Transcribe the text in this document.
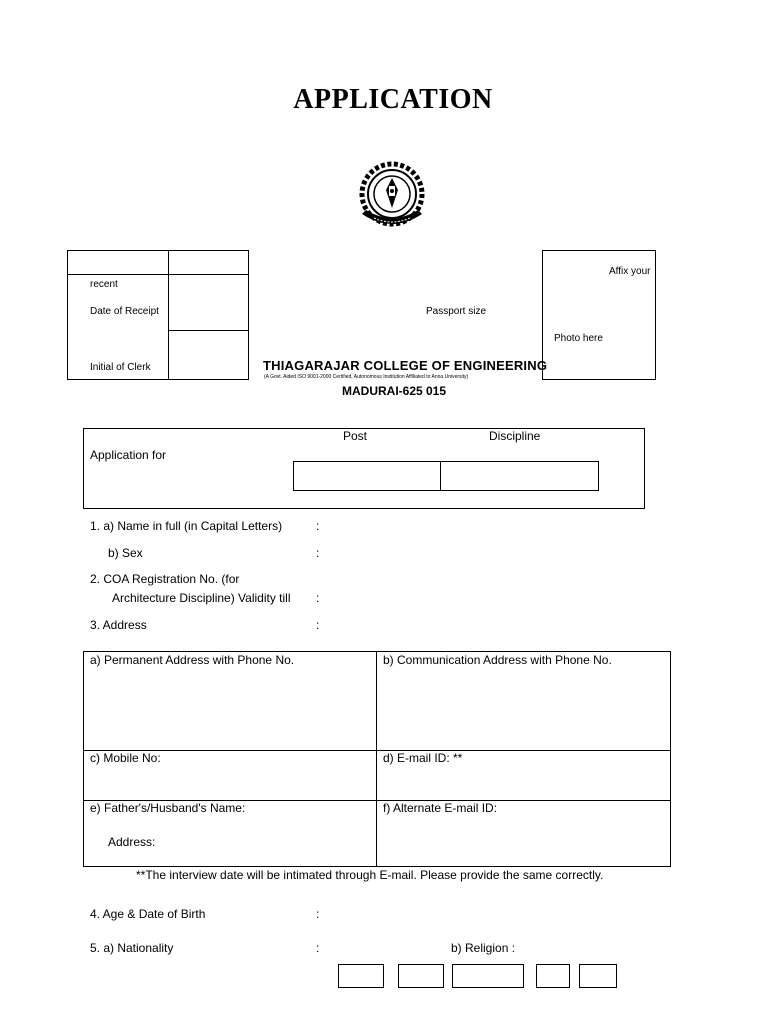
APPLICATION
recent
Date of Receipt
Initial of Clerk
Affix your
Passport size
Photo here
THIAGARAJAR COLLEGE OF ENGINEERING
(A Govt. Aided ISO 9001-2000 Certified, Autonomous Institution Affiliated to Anna University)
MADURAI-625 015
Application for
Post	Discipline
1. a) Name in full (in Capital Letters)	:
b) Sex	:
2. COA Registration No. (for
Architecture Discipline) Validity till :
3. Address	:
a) Permanent Address with Phone No.	b) Communication Address with Phone No.
c) Mobile No:	d) E-mail ID: **
e) Father's/Husband's Name:
Address:
f) Alternate E-mail ID:
**The interview date will be intimated through E-mail. Please provide the same correctly.
4. Age & Date of Birth	:
5. a) Nationality	:	b) Religion :
